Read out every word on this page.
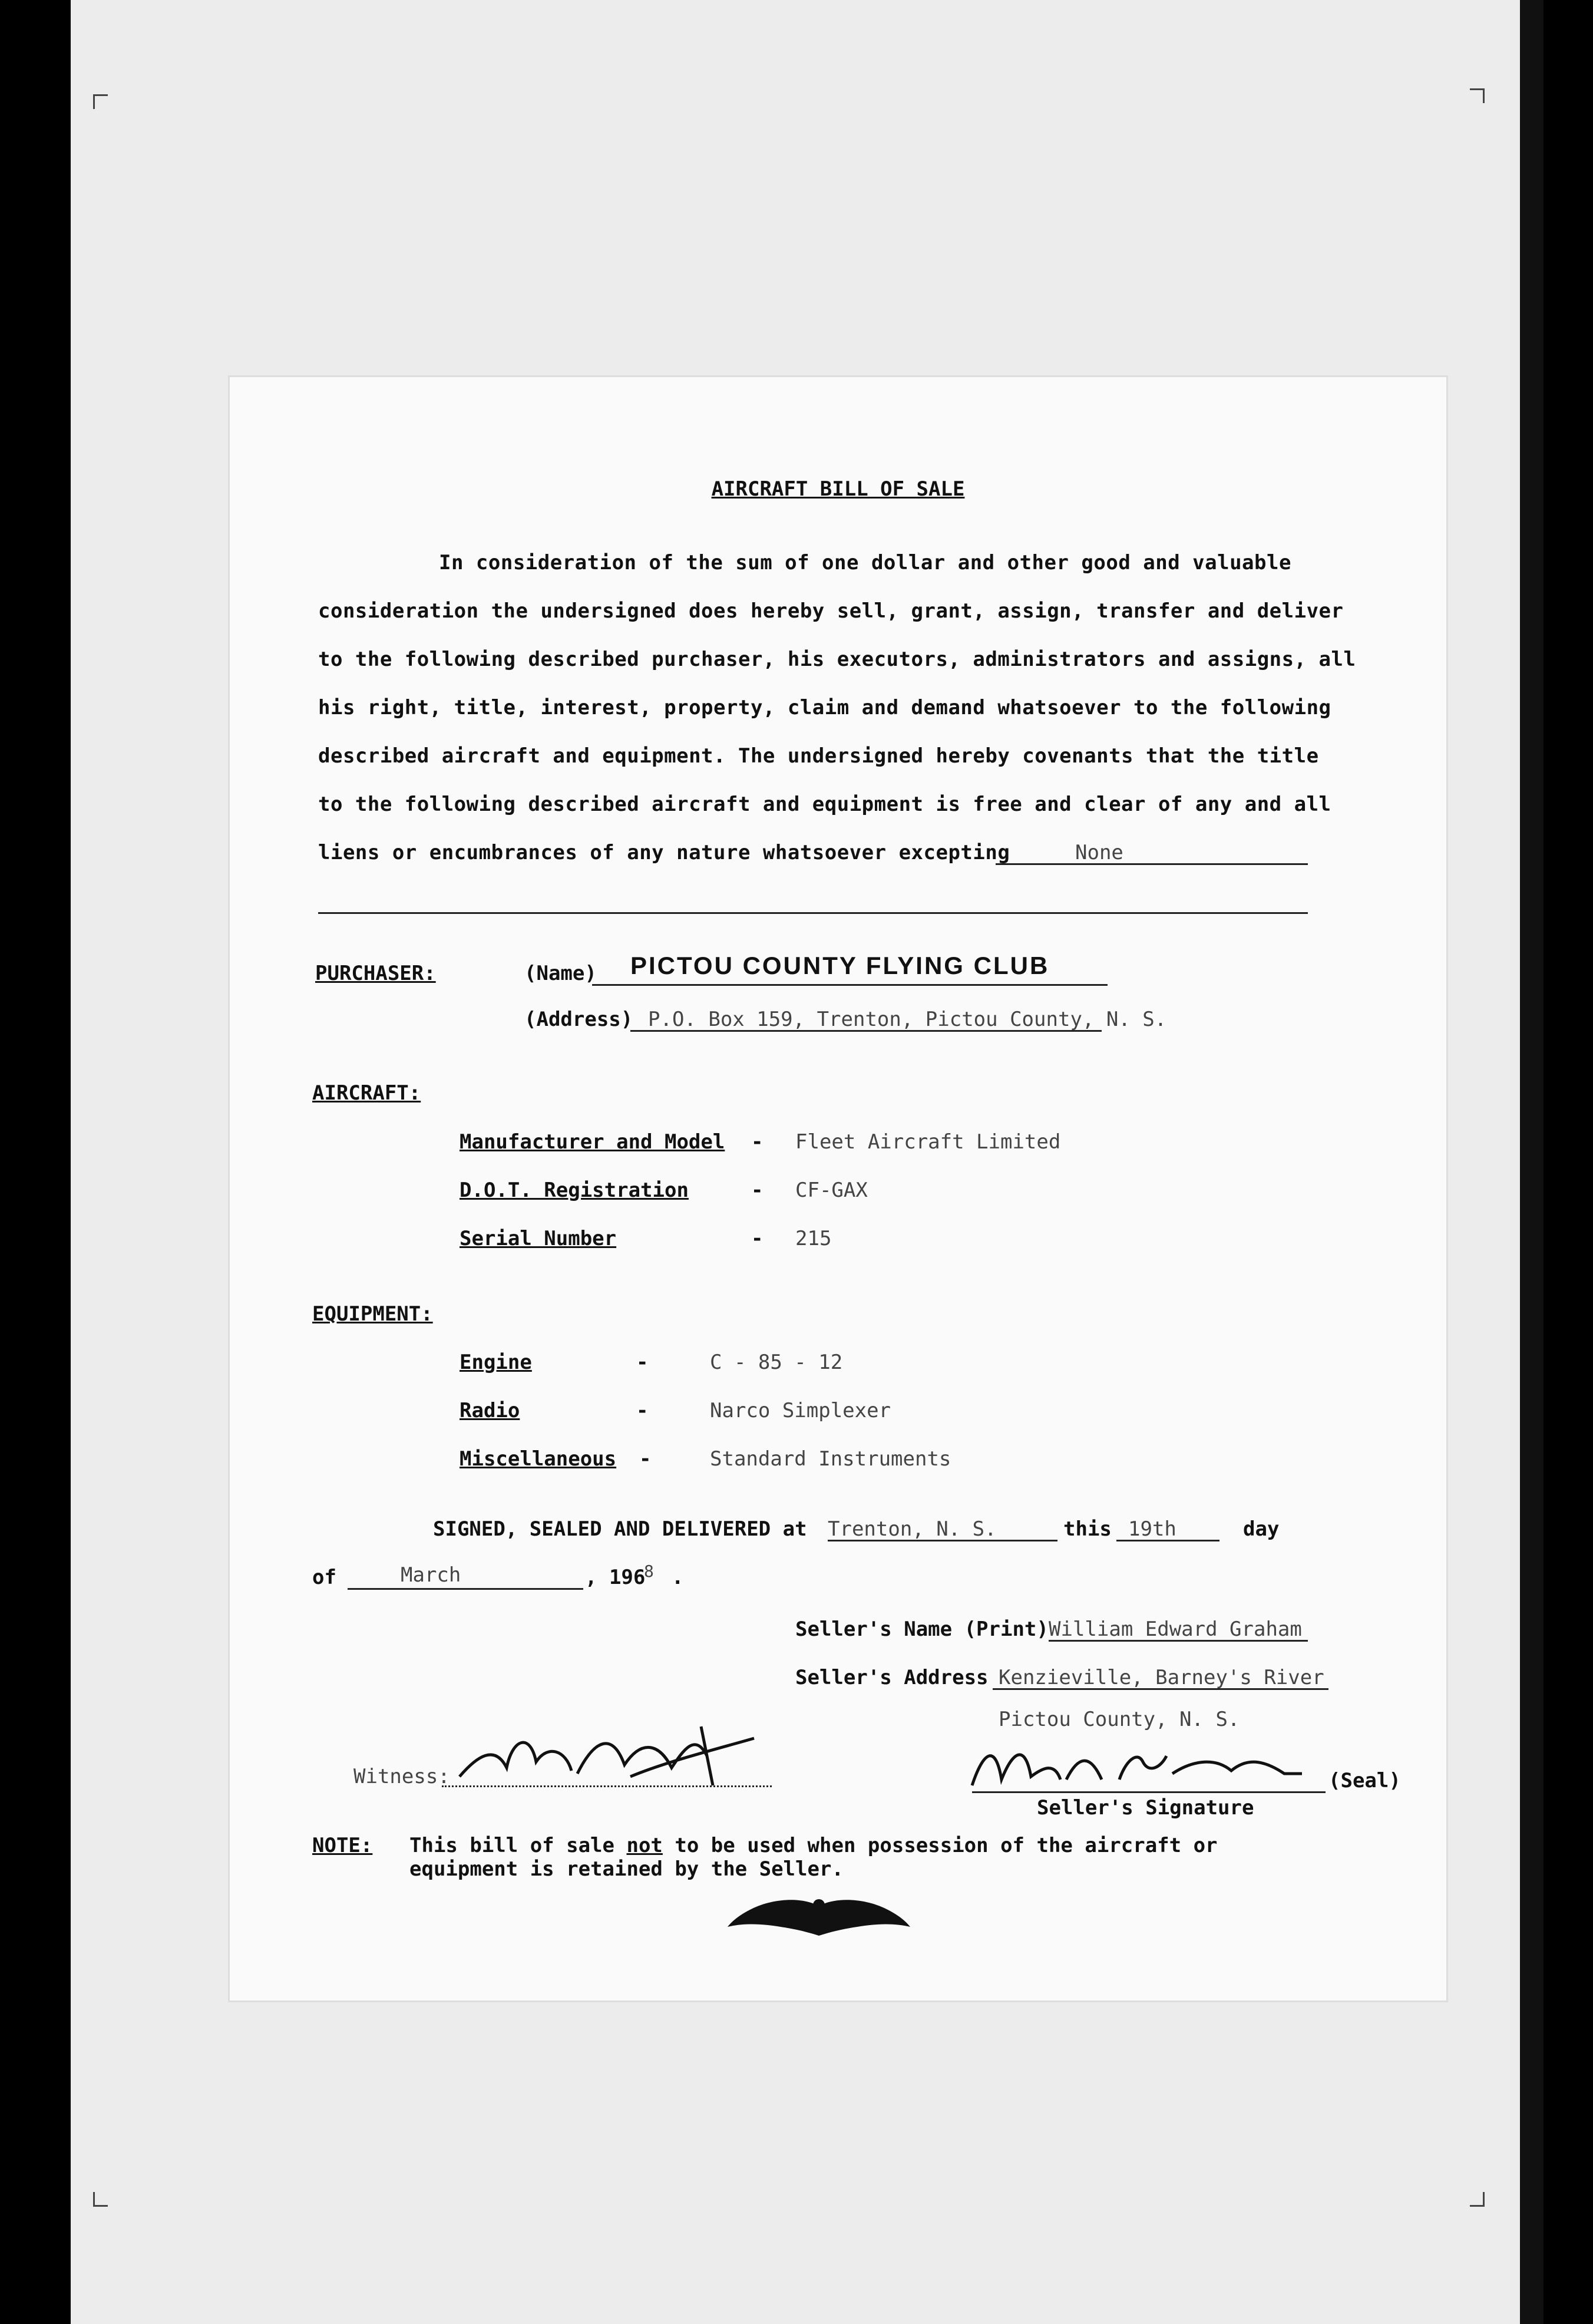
AIRCRAFT BILL OF SALE
In consideration of the sum of one dollar and other good and valuable
consideration the undersigned does hereby sell, grant, assign, transfer and deliver
to the following described purchaser, his executors, administrators and assigns, all
his right, title, interest, property, claim and demand whatsoever to the following
described aircraft and equipment. The undersigned hereby covenants that the title
to the following described aircraft and equipment is free and clear of any and all
liens or encumbrances of any nature whatsoever excepting	None
PURCHASER:	(Name) PICTOU COUNTY FLYING CLUB
(Address) P.O. Box 159, Trenton, Pictou County, N. S.
AIRCRAFT:
Manufacturer and Model - Fleet Aircraft Limited
D.O.T. Registration	- CF-GAX
Serial Number	- 215
EQUIPMENT:
Engine	-	C - 85 - 12
Radio	-	Narco Simplexer
Miscellaneous -	Standard Instruments
SIGNED, SEALED AND DELIVERED at Trenton, N. S.	this 19th	day
of	March	, 196
8 .
Seller's Name (Print) William Edward Graham
Seller's Address Kenzieville, Barney's River
Pictou County, N. S.
Witness:	(Seal)
Seller's Signature
NOTE: This bill of sale not to be used when possession of the aircraft or
equipment is retained by the Seller.
